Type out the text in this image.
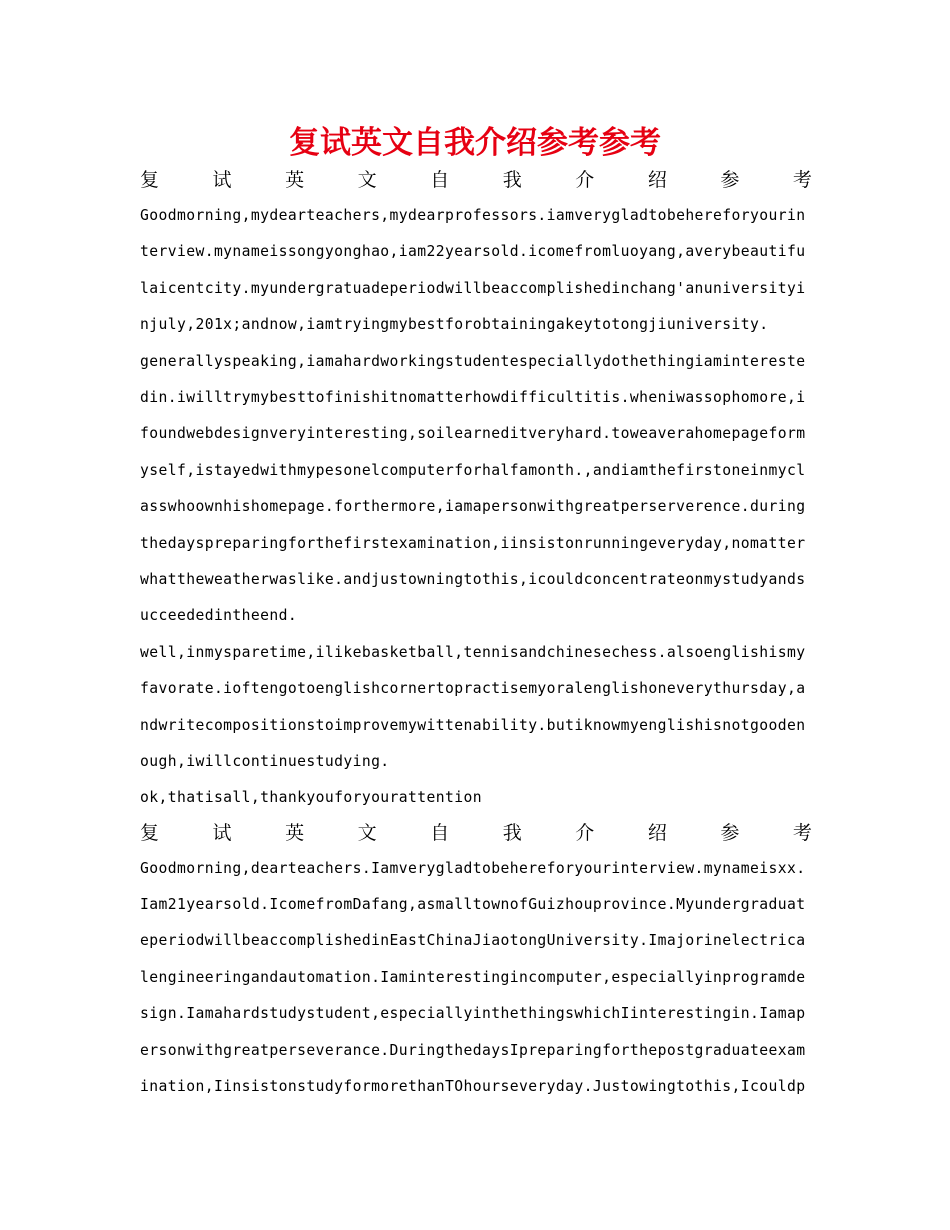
复试英文自我介绍参考参考
复	试	英	文	自	我	介	绍	参	考

Goodmorning,mydearteachers,mydearprofessors.iamverygladtobehereforyourinterview.mynameissongyonghao,iam22yearsold.icomefromluoyang,averybeautifulaicentcity.myundergratuadeperiodwillbeaccomplishedinchang'anuniversityinjuly,201x;andnow,iamtryingmybestforobtainingakeytotongjiuniversity.

generallyspeaking,iamahardworkingstudentespeciallydothethingiaminterestedin.iwilltrymybesttofinishitnomatterhowdifficultitis.wheniwassophomore,ifoundwebdesignveryinteresting,soilearneditveryhard.toweaverahomepageformyself,istayedwithmypesonelcomputerforhalfamonth.,andiamthefirstoneinmyclasswhoownhishomepage.forthermore,iamapersonwithgreatperserverence.duringthedayspreparingforthefirstexamination,iinsistonrunningeveryday,nomatterwhattheweatherwaslike.andjustowningtothis,icouldconcentrateonmystudyandsucceededintheend.

well,inmysparetime,ilikebasketball,tennisandchinesechess.alsoenglishismyfavorate.ioftengotoenglishcornertopractisemyoralenglishoneverythursday,andwritecompositionstoimprovemywittenability.butiknowmyenglishisnotgoodenough,iwillcontinuestudying.

ok,thatisall,thankyouforyourattention

复	试	英	文	自	我	介	绍	参	考

Goodmorning,dearteachers.Iamverygladtobehereforyourinterview.mynameisxx.Iam21yearsold.IcomefromDafang,asmalltownofGuizhouprovince.MyundergraduateperiodwillbeaccomplishedinEastChinaJiaotongUniversity.Imajorinelectricalengineeringandautomation.Iaminterestingincomputer,especiallyinprogramdesign.Iamahardstudystudent,especiallyinthethingswhichIinterestingin.Iamapersonwithgreatperseverance.DuringthedaysIpreparingforthepostgraduateexamination,IinsistonstudyformorethanTOhourseveryday.Justowingtothis,Icouldp
